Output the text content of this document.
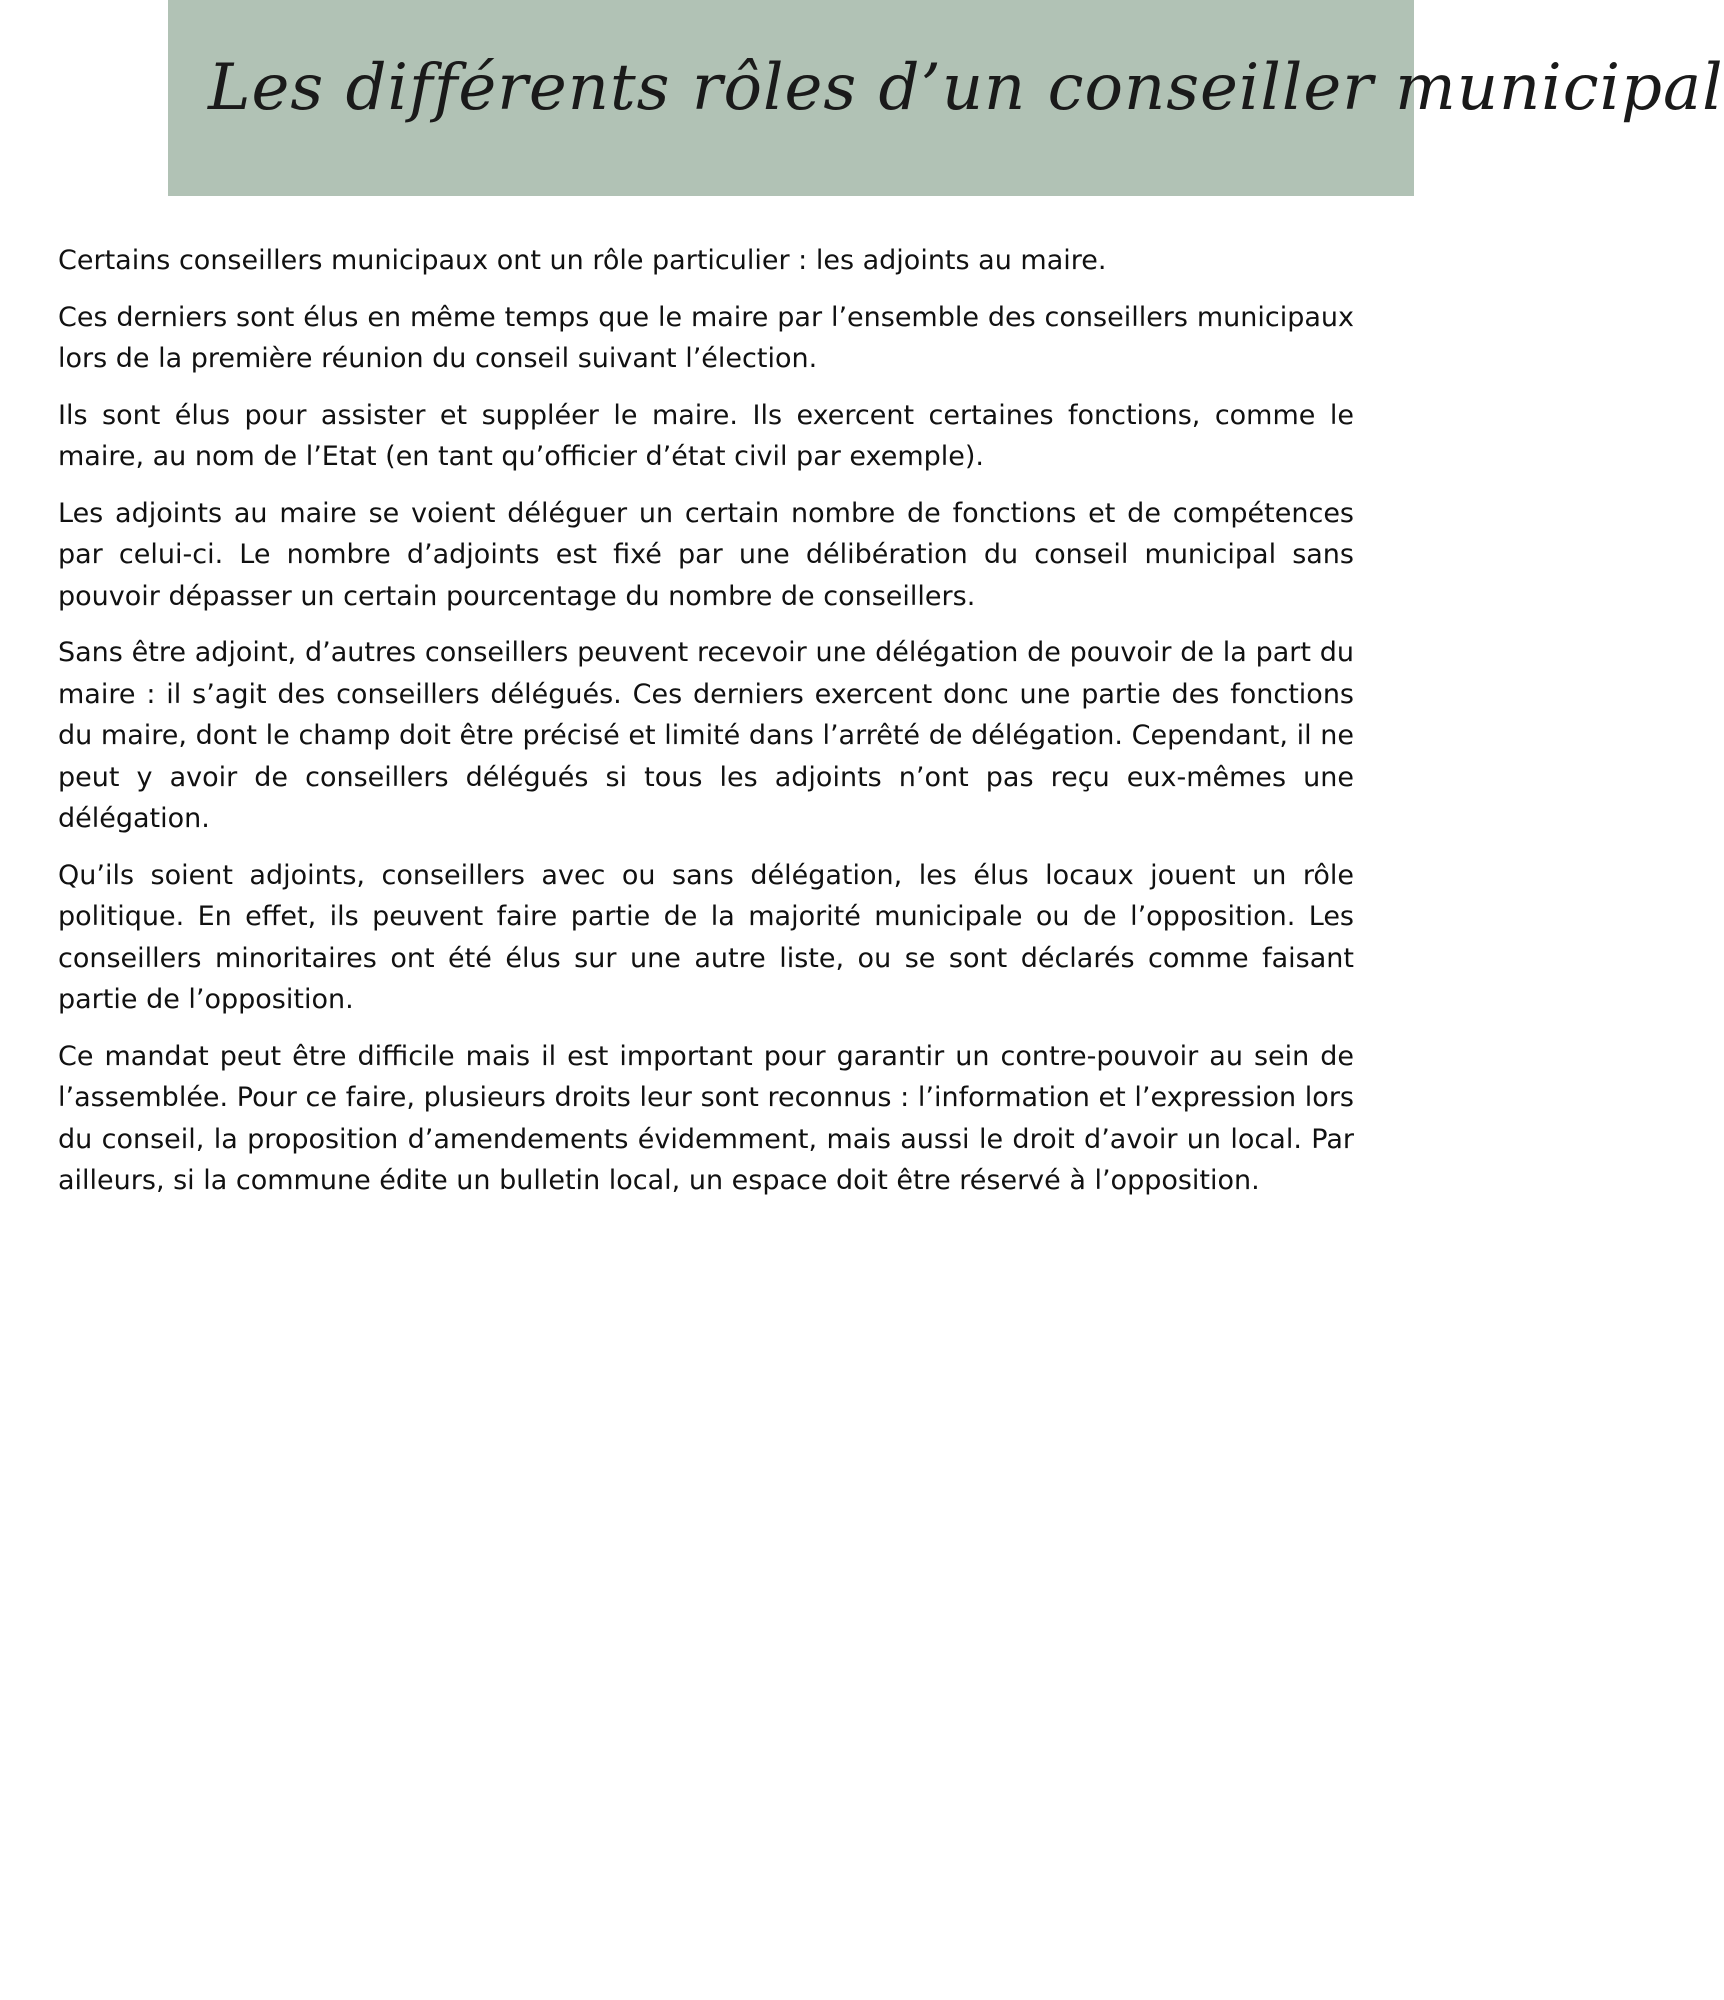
Les différents rôles d’un conseiller municipal

Certains conseillers municipaux ont un rôle particulier : les adjoints au maire.

Ces derniers sont élus en même temps que le maire par l’ensemble des conseillers municipaux lors de la première réunion du conseil suivant l’élection.

Ils sont élus pour assister et suppléer le maire. Ils exercent certaines fonctions, comme le maire, au nom de l’Etat (en tant qu’officier d’état civil par exemple).

Les adjoints au maire se voient déléguer un certain nombre de fonctions et de compétences par celui-ci. Le nombre d’adjoints est fixé par une délibération du conseil municipal sans pouvoir dépasser un certain pourcentage du nombre de conseillers.

Sans être adjoint, d’autres conseillers peuvent recevoir une délégation de pouvoir de la part du maire : il s’agit des conseillers délégués. Ces derniers exercent donc une partie des fonctions du maire, dont le champ doit être précisé et limité dans l’arrêté de délégation. Cependant, il ne peut y avoir de conseillers délégués si tous les adjoints n’ont pas reçu eux-mêmes une délégation.

Qu’ils soient adjoints, conseillers avec ou sans délégation, les élus locaux jouent un rôle politique. En effet, ils peuvent faire partie de la majorité municipale ou de l’opposition. Les conseillers minoritaires ont été élus sur une autre liste, ou se sont déclarés comme faisant partie de l’opposition.

Ce mandat peut être difficile mais il est important pour garantir un contre-pouvoir au sein de l’assemblée. Pour ce faire, plusieurs droits leur sont reconnus : l’information et l’expression lors du conseil, la proposition d’amendements évidemment, mais aussi le droit d’avoir un local. Par ailleurs, si la commune édite un bulletin local, un espace doit être réservé à l’opposition.
